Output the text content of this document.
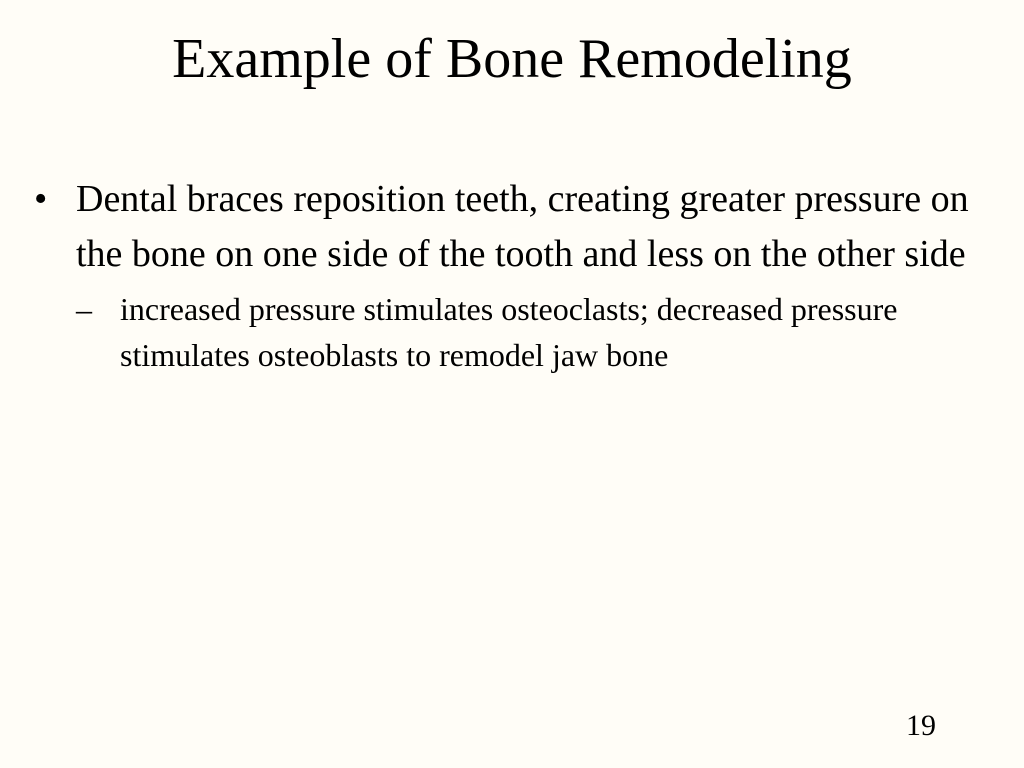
Example of Bone Remodeling
• Dental braces reposition teeth, creating greater pressure on the bone on one side of the tooth and less on the other side
– increased pressure stimulates osteoclasts; decreased pressure stimulates osteoblasts to remodel jaw bone
19
